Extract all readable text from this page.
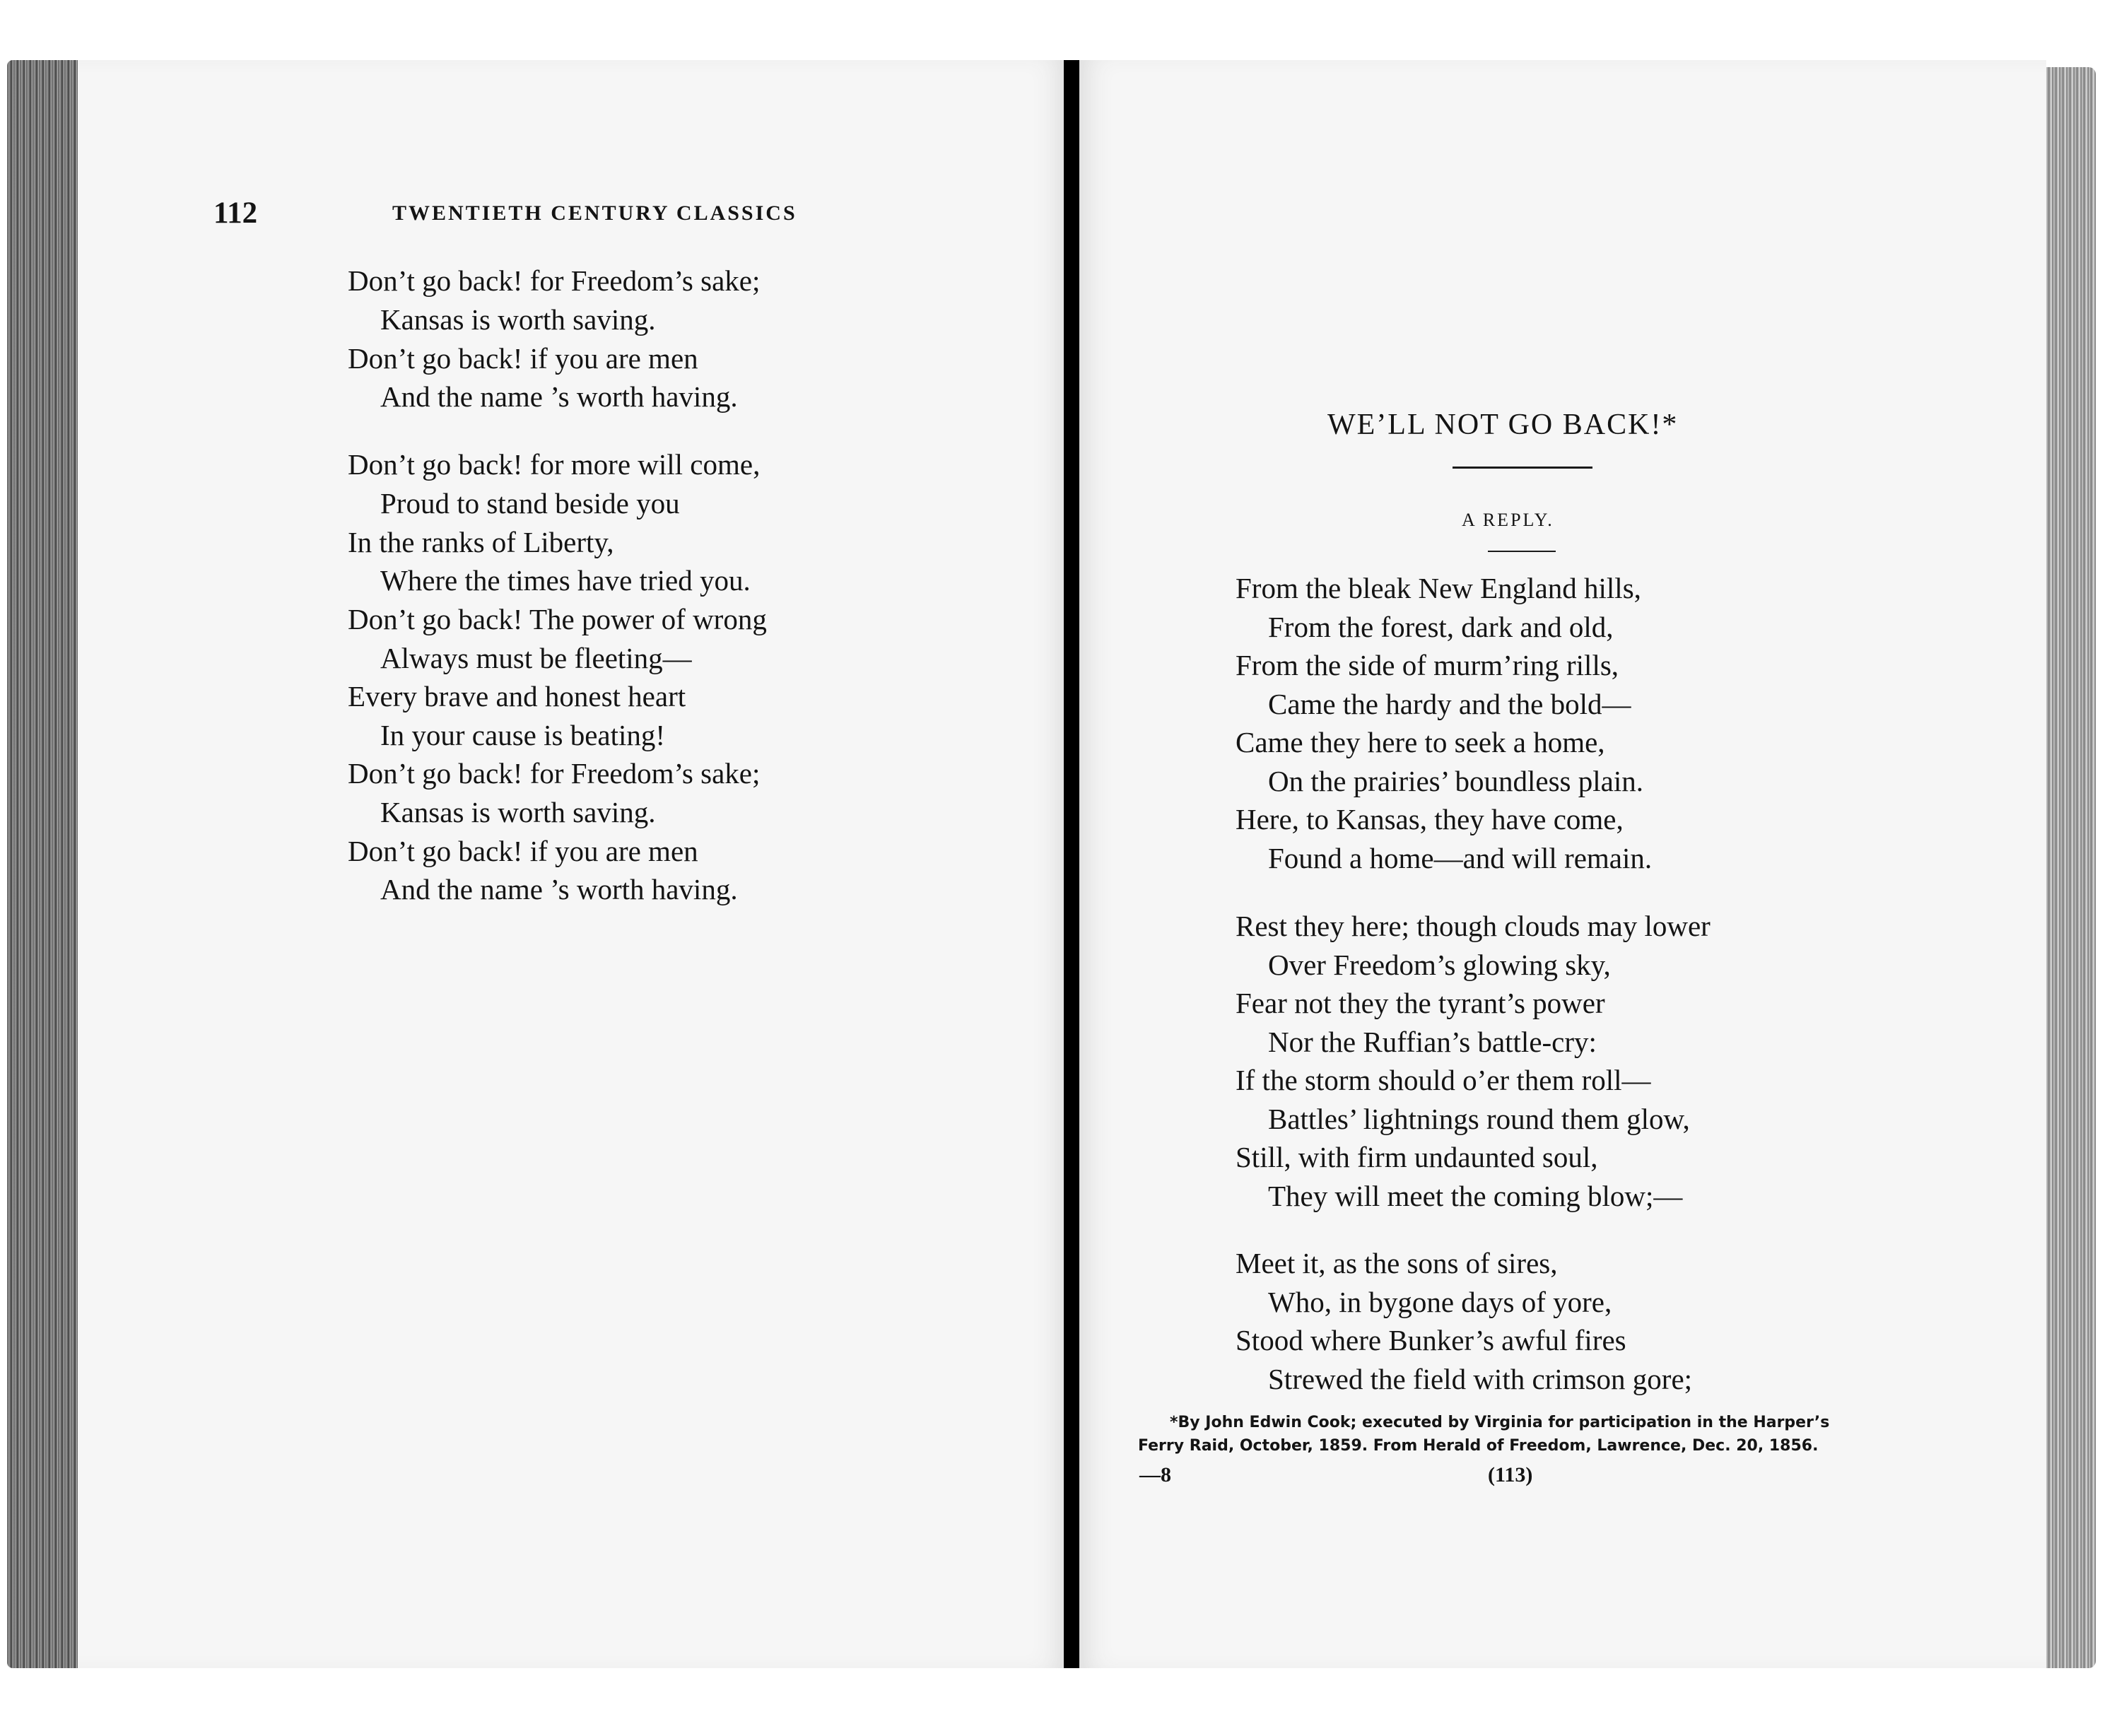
112	TWENTIETH CENTURY CLASSICS
Don’t go back! for Freedom’s sake;
Kansas is worth saving.
Don’t go back! if you are men
And the name ’s worth having.
Don’t go back! for more will come,
Proud to stand beside you
In the ranks of Liberty,
Where the times have tried you.
Don’t go back! The power of wrong
Always must be fleeting—
Every brave and honest heart
In your cause is beating!
Don’t go back! for Freedom’s sake;
Kansas is worth saving.
Don’t go back! if you are men
And the name ’s worth having.
WE’LL NOT GO BACK!*
A REPLY.
From the bleak New England hills,
From the forest, dark and old,
From the side of murm’ring rills,
Came the hardy and the bold—
Came they here to seek a home,
On the prairies’ boundless plain.
Here, to Kansas, they have come,
Found a home—and will remain.
Rest they here; though clouds may lower
Over Freedom’s glowing sky,
Fear not they the tyrant’s power
Nor the Ruffian’s battle-cry:
If the storm should o’er them roll—
Battles’ lightnings round them glow,
Still, with firm undaunted soul,
They will meet the coming blow;—
Meet it, as the sons of sires,
Who, in bygone days of yore,
Stood where Bunker’s awful fires
Strewed the field with crimson gore;
*By John Edwin Cook; executed by Virginia for participation in the Harper’s
Ferry Raid, October, 1859. From Herald of Freedom, Lawrence, Dec. 20, 1856.
—8	(113)
